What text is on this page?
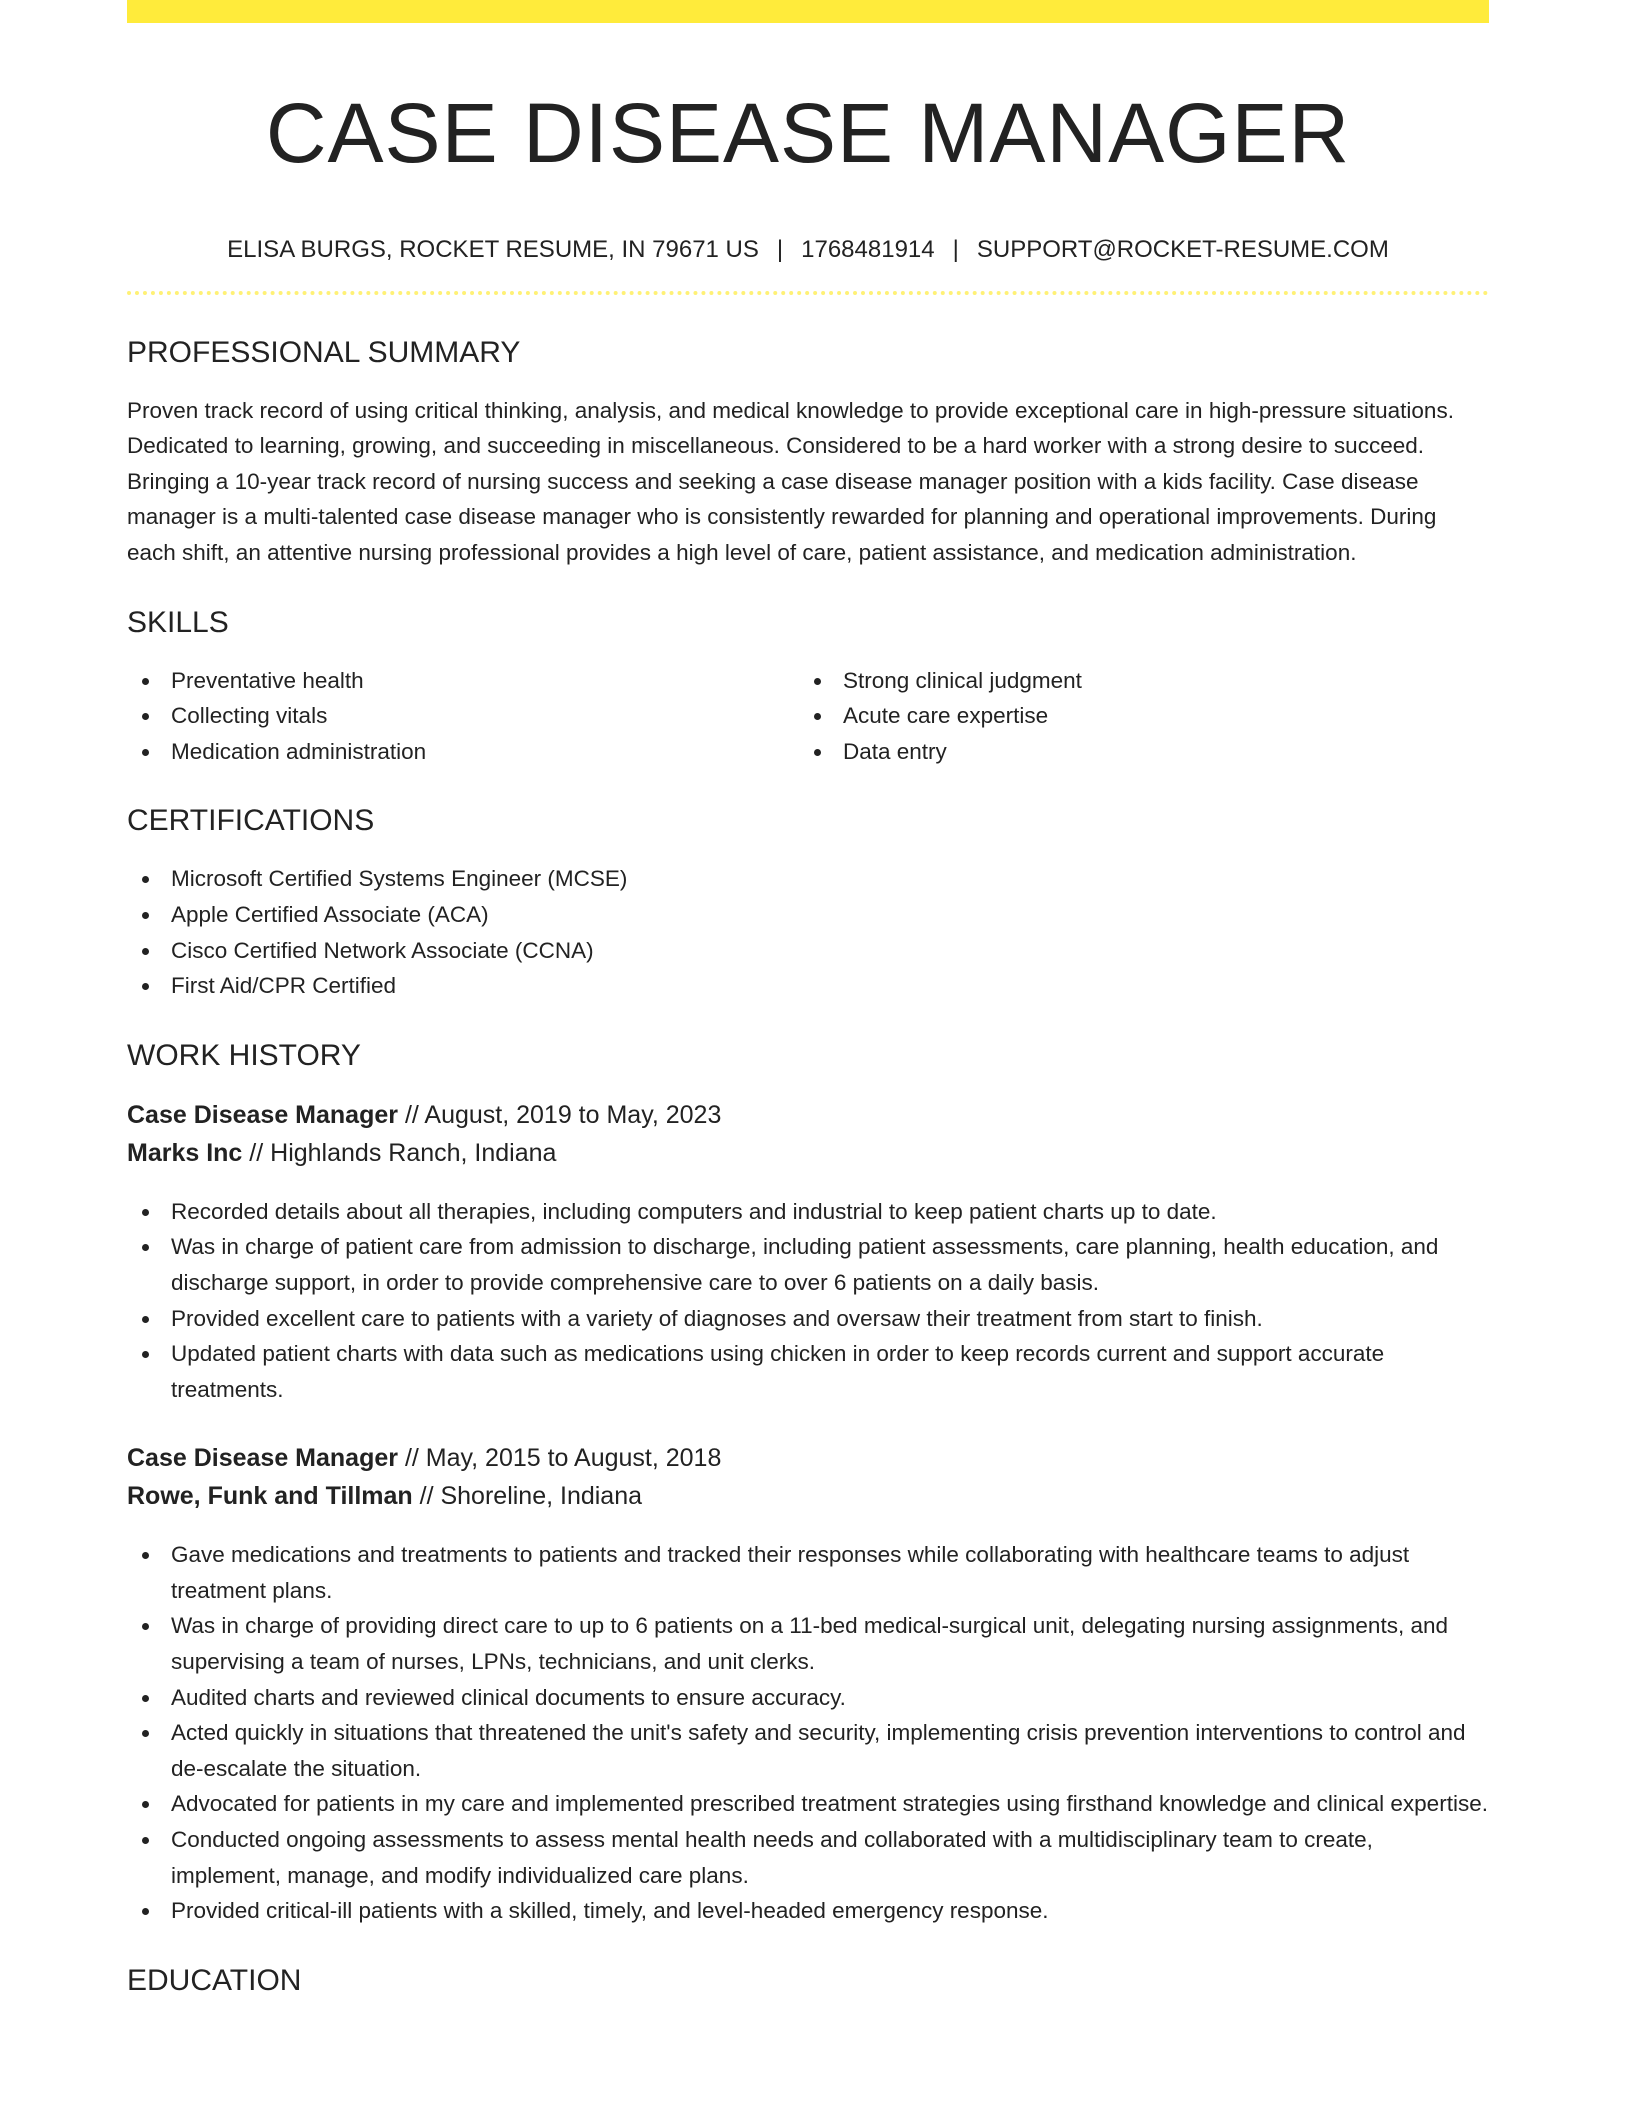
CASE DISEASE MANAGER
ELISA BURGS, ROCKET RESUME, IN 79671 US | 1768481914 | SUPPORT@ROCKET-RESUME.COM
PROFESSIONAL SUMMARY

Proven track record of using critical thinking, analysis, and medical knowledge to provide exceptional care in high-pressure situations. Dedicated to learning, growing, and succeeding in miscellaneous. Considered to be a hard worker with a strong desire to succeed. Bringing a 10-year track record of nursing success and seeking a case disease manager position with a kids facility. Case disease manager is a multi-talented case disease manager who is consistently rewarded for planning and operational improvements. During each shift, an attentive nursing professional provides a high level of care, patient assistance, and medication administration.

SKILLS
Preventative health
Collecting vitals
Medication administration
Strong clinical judgment
Acute care expertise
Data entry
CERTIFICATIONS
Microsoft Certified Systems Engineer (MCSE)
Apple Certified Associate (ACA)
Cisco Certified Network Associate (CCNA)
First Aid/CPR Certified
WORK HISTORY
Case Disease Manager // August, 2019 to May, 2023
Marks Inc // Highlands Ranch, Indiana
Recorded details about all therapies, including computers and industrial to keep patient charts up to date.
Was in charge of patient care from admission to discharge, including patient assessments, care planning, health education, and discharge support, in order to provide comprehensive care to over 6 patients on a daily basis.
Provided excellent care to patients with a variety of diagnoses and oversaw their treatment from start to finish.
Updated patient charts with data such as medications using chicken in order to keep records current and support accurate treatments.
Case Disease Manager // May, 2015 to August, 2018
Rowe, Funk and Tillman // Shoreline, Indiana
Gave medications and treatments to patients and tracked their responses while collaborating with healthcare teams to adjust treatment plans.
Was in charge of providing direct care to up to 6 patients on a 11-bed medical-surgical unit, delegating nursing assignments, and supervising a team of nurses, LPNs, technicians, and unit clerks.
Audited charts and reviewed clinical documents to ensure accuracy.
Acted quickly in situations that threatened the unit's safety and security, implementing crisis prevention interventions to control and de-escalate the situation.
Advocated for patients in my care and implemented prescribed treatment strategies using firsthand knowledge and clinical expertise.
Conducted ongoing assessments to assess mental health needs and collaborated with a multidisciplinary team to create, implement, manage, and modify individualized care plans.
Provided critical-ill patients with a skilled, timely, and level-headed emergency response.
EDUCATION
